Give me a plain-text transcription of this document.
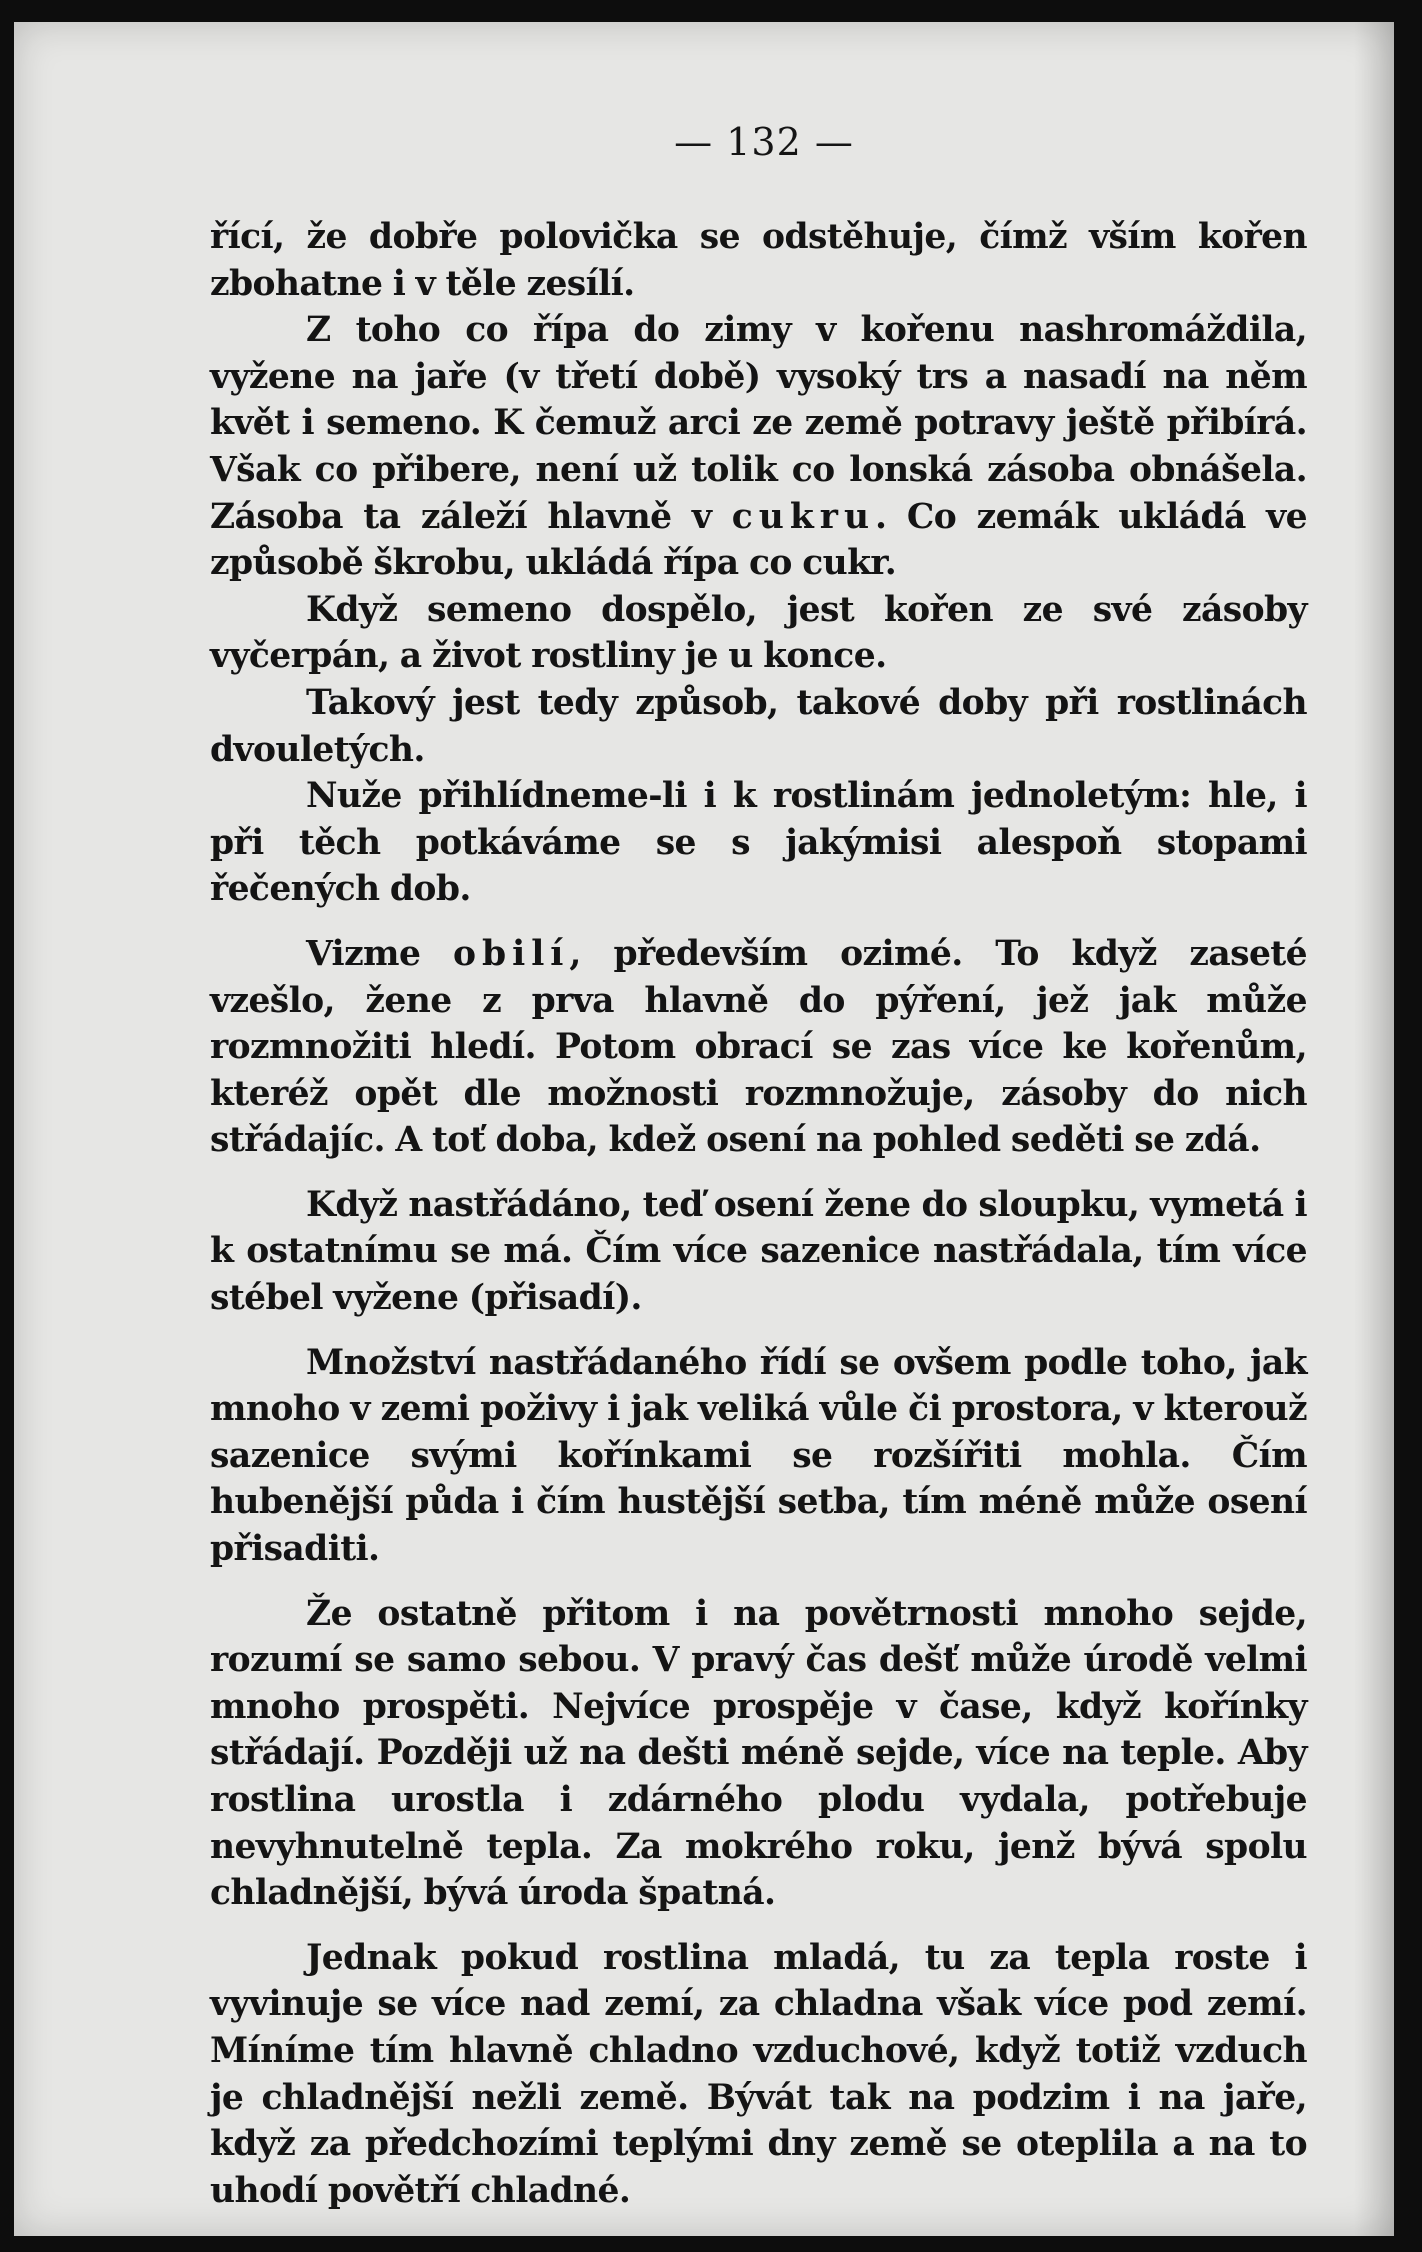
— 132 —

řící, že dobře polovička se odstěhuje, čímž vším kořen zbohatne i v těle zesílí.

Z toho co řípa do zimy v kořenu nashromáždila, vyžene na jaře (v třetí době) vysoký trs a nasadí na něm květ i semeno. K čemuž arci ze země potravy ještě přibírá. Však co přibere, není už tolik co lonská zásoba obnášela. Zásoba ta záleží hlavně v cukru. Co zemák ukládá ve způsobě škrobu, ukládá řípa co cukr.

Když semeno dospělo, jest kořen ze své zásoby vyčerpán, a život rostliny je u konce.

Takový jest tedy způsob, takové doby při rostlinách dvouletých.

Nuže přihlídneme-li i k rostlinám jednoletým: hle, i při těch potkáváme se s jakýmisi alespoň stopami řečených dob.

Vizme obilí, především ozimé. To když zaseté vzešlo, žene z prva hlavně do pýření, jež jak může rozmnožiti hledí. Potom obrací se zas více ke kořenům, kteréž opět dle možnosti rozmnožuje, zásoby do nich střádajíc. A toť doba, kdež osení na pohled seděti se zdá.

Když nastřádáno, teď osení žene do sloupku, vymetá i k ostatnímu se má. Čím více sazenice nastřádala, tím více stébel vyžene (přisadí).

Množství nastřádaného řídí se ovšem podle toho, jak mnoho v zemi poživy i jak veliká vůle či prostora, v kterouž sazenice svými kořínkami se rozšířiti mohla. Čím hubenější půda i čím hustější setba, tím méně může osení přisaditi.

Že ostatně přitom i na povětrnosti mnoho sejde, rozumí se samo sebou. V pravý čas dešť může úrodě velmi mnoho prospěti. Nejvíce prospěje v čase, když kořínky střádají. Později už na dešti méně sejde, více na teple. Aby rostlina urostla i zdárného plodu vydala, potřebuje nevyhnutelně tepla. Za mokrého roku, jenž bývá spolu chladnější, bývá úroda špatná.

Jednak pokud rostlina mladá, tu za tepla roste i vyvinuje se více nad zemí, za chladna však více pod zemí. Míníme tím hlavně chladno vzduchové, když totiž vzduch je chladnější nežli země. Bývát tak na podzim i na jaře, když za předchozími teplými dny země se oteplila a na to uhodí povětří chladné.
